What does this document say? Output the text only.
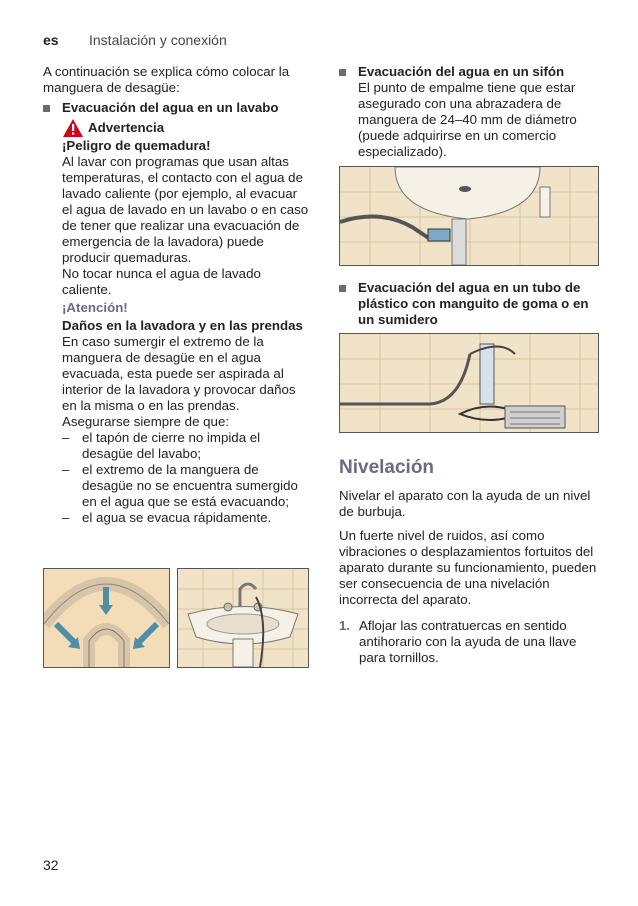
es Instalación y conexión

A continuación se explica cómo colocar la manguera de desagüe:

Evacuación del agua en un lavabo
Advertencia

¡Peligro de quemadura!

Al lavar con programas que usan altas temperaturas, el contacto con el agua de lavado caliente (por ejemplo, al evacuar el agua de lavado en un lavabo o en caso de tener que realizar una evacuación de emergencia de la lavadora) puede producir quemaduras.

No tocar nunca el agua de lavado caliente.

¡Atención!

Daños en la lavadora y en las prendas

En caso sumergir el extremo de la manguera de desagüe en el agua evacuada, esta puede ser aspirada al interior de la lavadora y provocar daños en la misma o en las prendas.

Asegurarse siempre de que:

– el tapón de cierre no impida el desagüe del lavabo;
– el extremo de la manguera de desagüe no se encuentra sumergido en el agua que se está evacuando;
– el agua se evacua rápidamente.
Evacuación del agua en un sifón

El punto de empalme tiene que estar asegurado con una abrazadera de manguera de 24–40 mm de diámetro (puede adquirirse en un comercio especializado).

Evacuación del agua en un tubo de plástico con manguito de goma o en un sumidero
Nivelación

Nivelar el aparato con la ayuda de un nivel de burbuja.

Un fuerte nivel de ruidos, así como vibraciones o desplazamientos fortuitos del aparato durante su funcionamiento, pueden ser consecuencia de una nivelación incorrecta del aparato.

1. Aflojar las contratuercas en sentido antihorario con la ayuda de una llave para tornillos.
32
